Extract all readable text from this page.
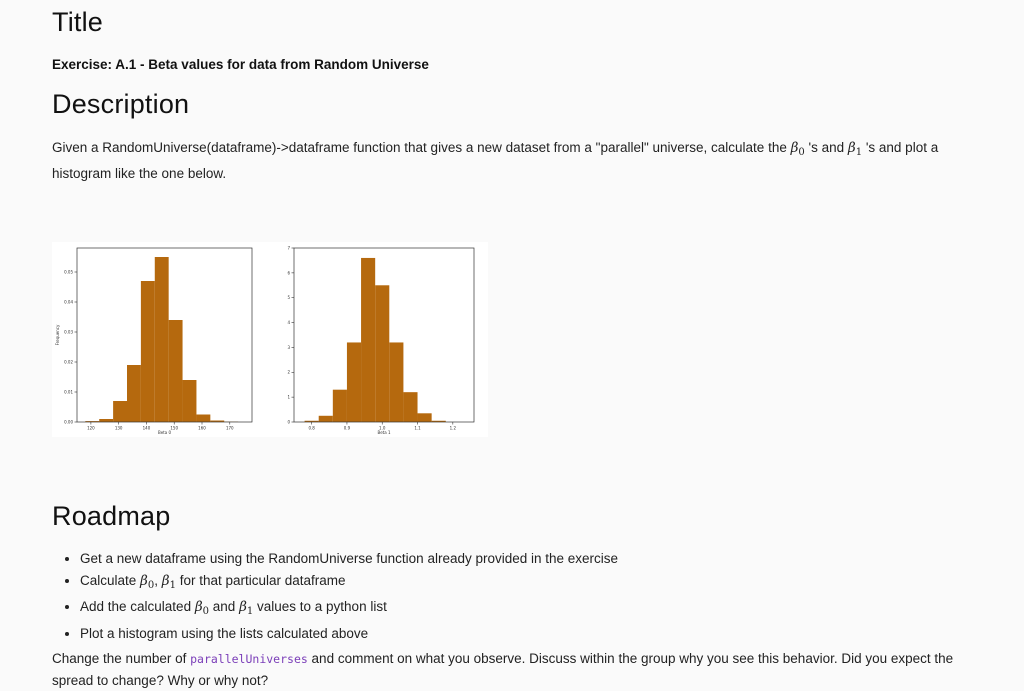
Title
Exercise: A.1 - Beta values for data from Random Universe
Description
Given a RandomUniverse(dataframe)->dataframe function that gives a new dataset from a "parallel" universe, calculate the $\beta_0$ 's and $\beta_1$ 's and plot a histogram like the one below.
120	130	140	150	160	170
0.00
0.01
0.02
0.03
0.04
0.05
Beta 0
Frequency
0.8	0.9	1.0	1.1	1.2
0
1
2
3
4
5
6
7
Beta 1
Roadmap
• Get a new dataframe using the RandomUniverse function already provided in the exercise
• Calculate $\beta_0$, $\beta_1$ for that particular dataframe
• Add the calculated $\beta_0$ and $\beta_1$ values to a python list
• Plot a histogram using the lists calculated above
Change the number of parallelUniverses and comment on what you observe. Discuss within the group why you see this behavior. Did you expect the spread to change? Why or why not?
